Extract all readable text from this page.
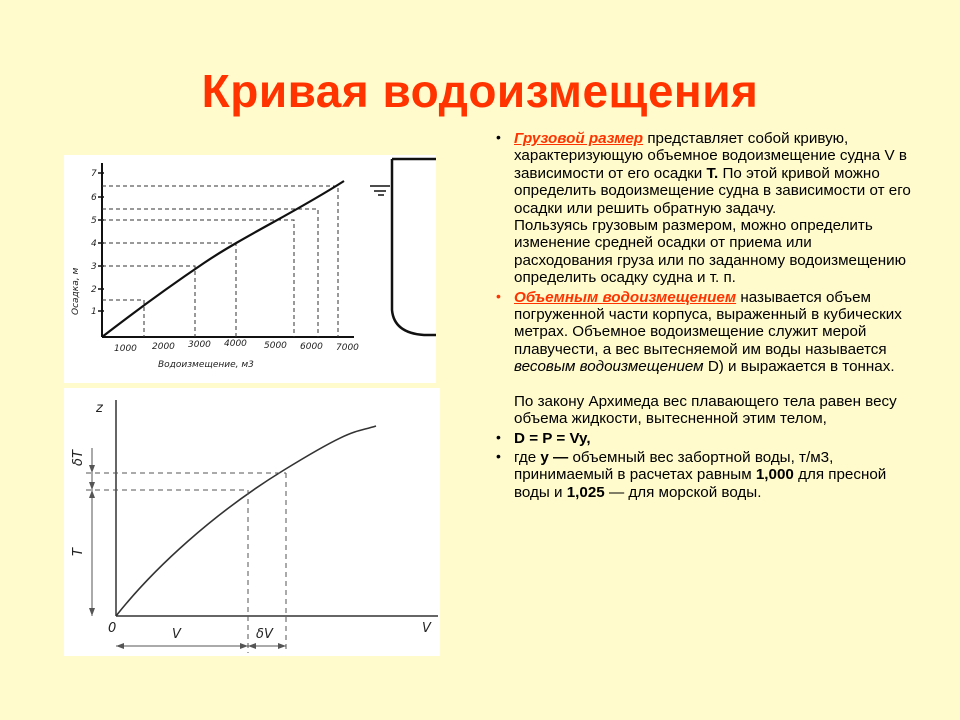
Кривая водоизмещения
1
2
3
4
5
6
7
Осадка, м
1000 2000 3000 4000 5000 6000 7000
Водоизмещение, м3
z
V
0
T
δT
V	δV
• Грузовой размер представляет собой кривую, характеризующую объемное водоизмещение судна V в зависимости от его осадки Т. По этой кривой можно определить водоизмещение судна в зависимости от его осадки или решить обратную задачу.

Пользуясь грузовым размером, можно определить изменение средней осадки от приема или расходования груза или по заданному водоизмещению определить осадку судна и т. п.

• Объемным водоизмещением называется объем погруженной части корпуса, выраженный в кубических метрах. Объемное водоизмещение служит мерой плавучести, а вес вытесняемой им воды называется весовым водоизмещением D) и выражается в тоннах.

По закону Архимеда вес плавающего тела равен весу объема жидкости, вытесненной этим телом,

• D = P = Vy,

• где y — объемный вес забортной воды, т/м3, принимаемый в расчетах равным 1,000 для пресной воды и 1,025 — для морской воды.
